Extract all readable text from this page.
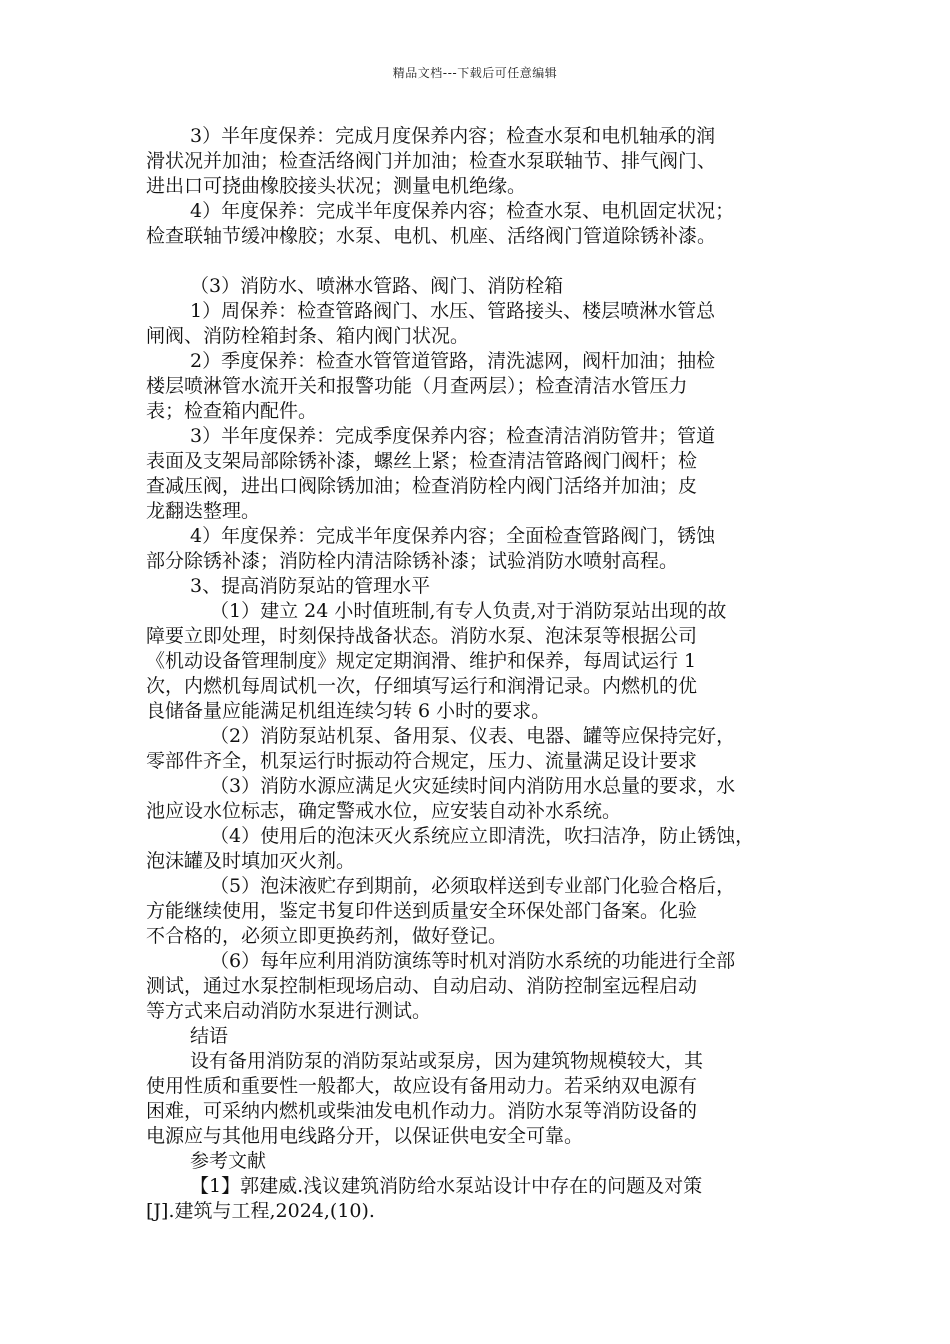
精品文档---下载后可任意编辑
3）半年度保养：完成月度保养内容；检查水泵和电机轴承的润
滑状况并加油；检查活络阀门并加油；检查水泵联轴节、排气阀门、
进出口可挠曲橡胶接头状况；测量电机绝缘。
4）年度保养：完成半年度保养内容；检查水泵、电机固定状况；
检查联轴节缓冲橡胶；水泵、电机、机座、活络阀门管道除锈补漆。
（3）消防水、喷淋水管路、阀门、消防栓箱
1）周保养：检查管路阀门、水压、管路接头、楼层喷淋水管总
闸阀、消防栓箱封条、箱内阀门状况。
2）季度保养：检查水管管道管路，清洗滤网，阀杆加油；抽检
楼层喷淋管水流开关和报警功能（月查两层）；检查清洁水管压力
表；检查箱内配件。
3）半年度保养：完成季度保养内容；检查清洁消防管井；管道
表面及支架局部除锈补漆，螺丝上紧；检查清洁管路阀门阀杆；检
查减压阀，进出口阀除锈加油；检查消防栓内阀门活络并加油；皮
龙翻迭整理。
4）年度保养：完成半年度保养内容；全面检查管路阀门，锈蚀
部分除锈补漆；消防栓内清洁除锈补漆；试验消防水喷射高程。
3、提高消防泵站的管理水平
（1）建立 24 小时值班制,有专人负责,对于消防泵站出现的故
障要立即处理，时刻保持战备状态。消防水泵、泡沫泵等根据公司
《机动设备管理制度》规定定期润滑、维护和保养，每周试运行 1
次，内燃机每周试机一次，仔细填写运行和润滑记录。内燃机的优
良储备量应能满足机组连续匀转 6 小时的要求。
（2）消防泵站机泵、备用泵、仪表、电器、罐等应保持完好，
零部件齐全，机泵运行时振动符合规定，压力、流量满足设计要求
（3）消防水源应满足火灾延续时间内消防用水总量的要求，水
池应设水位标志，确定警戒水位，应安装自动补水系统。
（4）使用后的泡沫灭火系统应立即清洗，吹扫洁净，防止锈蚀，
泡沫罐及时填加灭火剂。
（5）泡沫液贮存到期前，必须取样送到专业部门化验合格后，
方能继续使用，鉴定书复印件送到质量安全环保处部门备案。化验
不合格的，必须立即更换药剂，做好登记。
（6）每年应利用消防演练等时机对消防水系统的功能进行全部
测试，通过水泵控制柜现场启动、自动启动、消防控制室远程启动
等方式来启动消防水泵进行测试。
结语
设有备用消防泵的消防泵站或泵房，因为建筑物规模较大，其
使用性质和重要性一般都大，故应设有备用动力。若采纳双电源有
困难，可采纳内燃机或柴油发电机作动力。消防水泵等消防设备的
电源应与其他用电线路分开，以保证供电安全可靠。
参考文献
【1】郭建威.浅议建筑消防给水泵站设计中存在的问题及对策
[J].建筑与工程,2024,(10).
